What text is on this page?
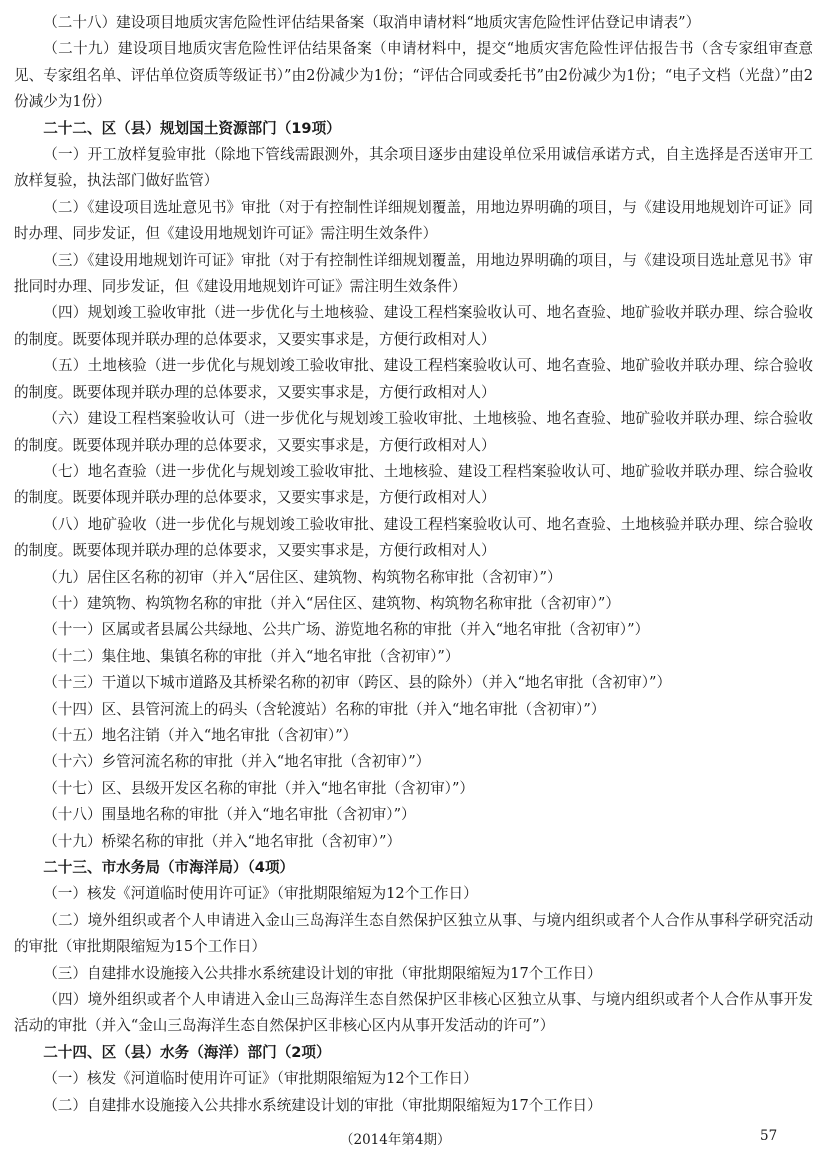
（二十八）建设项目地质灾害危险性评估结果备案（取消申请材料“地质灾害危险性评估登记申请表”）

（二十九）建设项目地质灾害危险性评估结果备案（申请材料中，提交“地质灾害危险性评估报告书（含专家组审查意见、专家组名单、评估单位资质等级证书）”由2份减少为1份；“评估合同或委托书”由2份减少为1份；“电子文档（光盘）”由2份减少为1份）

二十二、区（县）规划国土资源部门（19项）

（一）开工放样复验审批（除地下管线需跟测外，其余项目逐步由建设单位采用诚信承诺方式，自主选择是否送审开工放样复验，执法部门做好监管）

（二）《建设项目选址意见书》审批（对于有控制性详细规划覆盖，用地边界明确的项目，与《建设用地规划许可证》同时办理、同步发证，但《建设用地规划许可证》需注明生效条件）

（三）《建设用地规划许可证》审批（对于有控制性详细规划覆盖，用地边界明确的项目，与《建设项目选址意见书》审批同时办理、同步发证，但《建设用地规划许可证》需注明生效条件）

（四）规划竣工验收审批（进一步优化与土地核验、建设工程档案验收认可、地名查验、地矿验收并联办理、综合验收的制度。既要体现并联办理的总体要求，又要实事求是，方便行政相对人）

（五）土地核验（进一步优化与规划竣工验收审批、建设工程档案验收认可、地名查验、地矿验收并联办理、综合验收的制度。既要体现并联办理的总体要求，又要实事求是，方便行政相对人）

（六）建设工程档案验收认可（进一步优化与规划竣工验收审批、土地核验、地名查验、地矿验收并联办理、综合验收的制度。既要体现并联办理的总体要求，又要实事求是，方便行政相对人）

（七）地名查验（进一步优化与规划竣工验收审批、土地核验、建设工程档案验收认可、地矿验收并联办理、综合验收的制度。既要体现并联办理的总体要求，又要实事求是，方便行政相对人）

（八）地矿验收（进一步优化与规划竣工验收审批、建设工程档案验收认可、地名查验、土地核验并联办理、综合验收的制度。既要体现并联办理的总体要求，又要实事求是，方便行政相对人）

（九）居住区名称的初审（并入“居住区、建筑物、构筑物名称审批（含初审）”）

（十）建筑物、构筑物名称的审批（并入“居住区、建筑物、构筑物名称审批（含初审）”）

（十一）区属或者县属公共绿地、公共广场、游览地名称的审批（并入“地名审批（含初审）”）

（十二）集住地、集镇名称的审批（并入“地名审批（含初审）”）

（十三）干道以下城市道路及其桥梁名称的初审（跨区、县的除外）（并入“地名审批（含初审）”）

（十四）区、县管河流上的码头（含轮渡站）名称的审批（并入“地名审批（含初审）”）

（十五）地名注销（并入“地名审批（含初审）”）

（十六）乡管河流名称的审批（并入“地名审批（含初审）”）

（十七）区、县级开发区名称的审批（并入“地名审批（含初审）”）

（十八）围垦地名称的审批（并入“地名审批（含初审）”）

（十九）桥梁名称的审批（并入“地名审批（含初审）”）

二十三、市水务局（市海洋局）（4项）

（一）核发《河道临时使用许可证》（审批期限缩短为12个工作日）

（二）境外组织或者个人申请进入金山三岛海洋生态自然保护区独立从事、与境内组织或者个人合作从事科学研究活动的审批（审批期限缩短为15个工作日）

（三）自建排水设施接入公共排水系统建设计划的审批（审批期限缩短为17个工作日）

（四）境外组织或者个人申请进入金山三岛海洋生态自然保护区非核心区独立从事、与境内组织或者个人合作从事开发活动的审批（并入“金山三岛海洋生态自然保护区非核心区内从事开发活动的许可”）

二十四、区（县）水务（海洋）部门（2项）

（一）核发《河道临时使用许可证》（审批期限缩短为12个工作日）

（二）自建排水设施接入公共排水系统建设计划的审批（审批期限缩短为17个工作日）

（2014年第4期）	57
